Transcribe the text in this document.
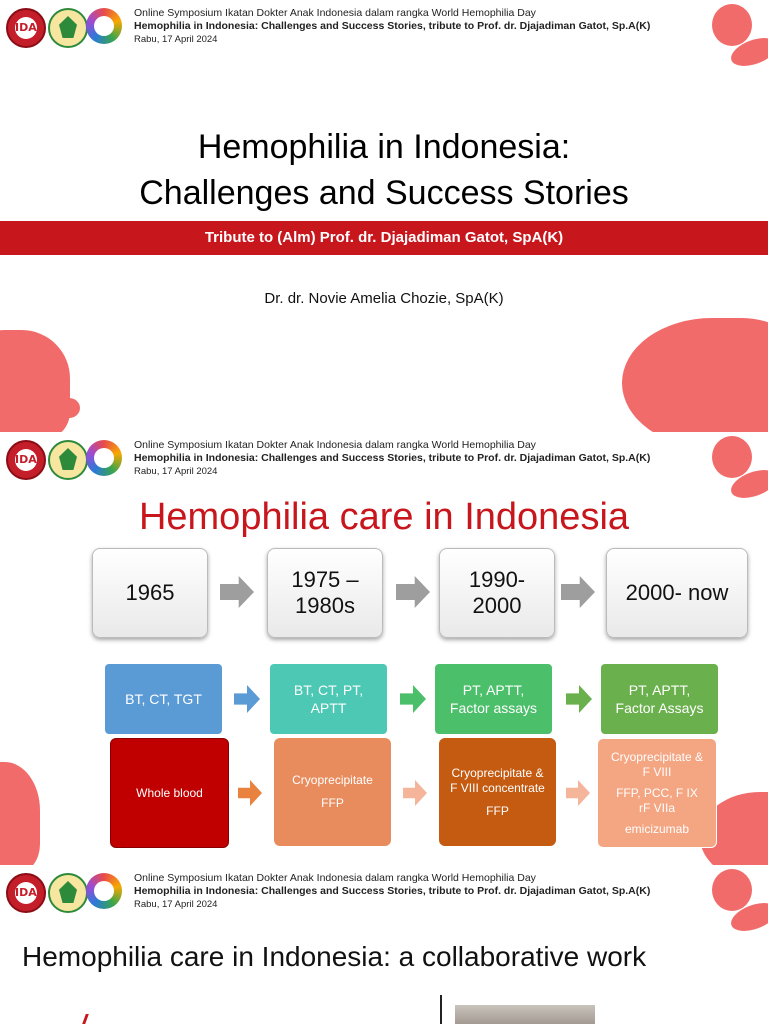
IDAI
Online Symposium Ikatan Dokter Anak Indonesia dalam rangka World Hemophilia Day
Hemophilia in Indonesia: Challenges and Success Stories, tribute to Prof. dr. Djajadiman Gatot, Sp.A(K)
Rabu, 17 April 2024
Hemophilia in Indonesia:
Challenges and Success Stories
Tribute to (Alm) Prof. dr. Djajadiman Gatot, SpA(K)
Dr. dr. Novie Amelia Chozie, SpA(K)
IDAI
Online Symposium Ikatan Dokter Anak Indonesia dalam rangka World Hemophilia Day
Hemophilia in Indonesia: Challenges and Success Stories, tribute to Prof. dr. Djajadiman Gatot, Sp.A(K)
Rabu, 17 April 2024
Hemophilia care in Indonesia
1965

1975 –
1980s
1990-
2000
2000- now

BT, CT, TGT

BT, CT, PT,
APTT
PT, APTT,
Factor assays
PT, APTT,
Factor Assays
Whole blood
Cryoprecipitate
FFP
Cryoprecipitate &
F VIII concentrate
FFP
Cryoprecipitate &
F VIII
FFP, PCC, F IX
rF VIIa
emicizumab
IDAI
Online Symposium Ikatan Dokter Anak Indonesia dalam rangka World Hemophilia Day
Hemophilia in Indonesia: Challenges and Success Stories, tribute to Prof. dr. Djajadiman Gatot, Sp.A(K)
Rabu, 17 April 2024
Hemophilia care in Indonesia: a collaborative work
